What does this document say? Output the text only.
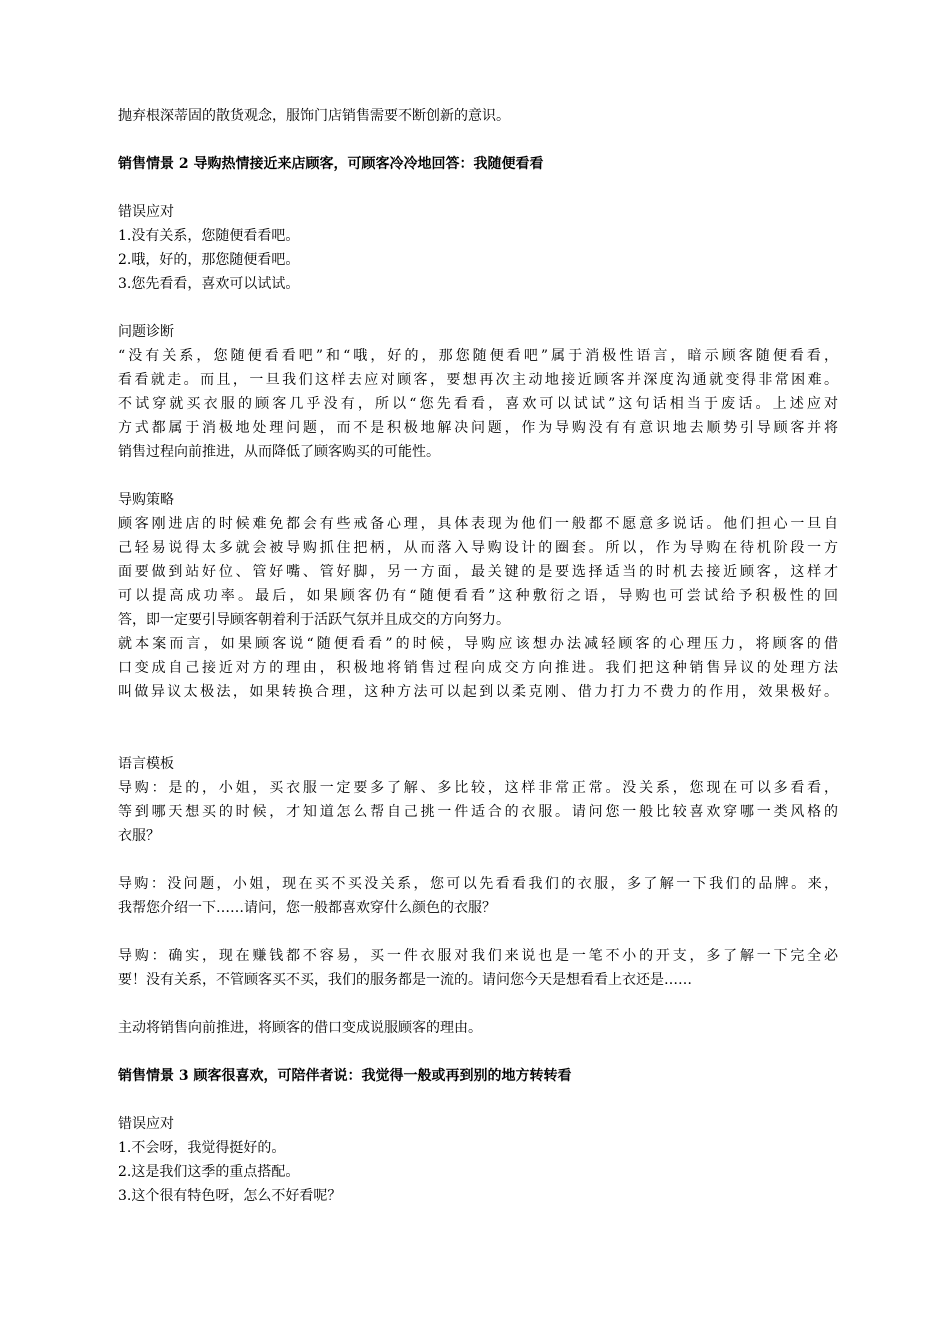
抛弃根深蒂固的散货观念，服饰门店销售需要不断创新的意识。
销售情景 2 导购热情接近来店顾客，可顾客冷冷地回答：我随便看看
错误应对
1.没有关系，您随便看看吧。
2.哦，好的，那您随便看吧。
3.您先看看，喜欢可以试试。
问题诊断
“没有关系，您随便看看吧”和“哦，好的，那您随便看吧”属于消极性语言，暗示顾客随便看看，
看看就走。而且，一旦我们这样去应对顾客，要想再次主动地接近顾客并深度沟通就变得非常困难。
不试穿就买衣服的顾客几乎没有，所以“您先看看，喜欢可以试试”这句话相当于废话。上述应对
方式都属于消极地处理问题，而不是积极地解决问题，作为导购没有有意识地去顺势引导顾客并将
销售过程向前推进，从而降低了顾客购买的可能性。
导购策略
顾客刚进店的时候难免都会有些戒备心理，具体表现为他们一般都不愿意多说话。他们担心一旦自
己轻易说得太多就会被导购抓住把柄，从而落入导购设计的圈套。所以，作为导购在待机阶段一方
面要做到站好位、管好嘴、管好脚，另一方面，最关键的是要选择适当的时机去接近顾客，这样才
可以提高成功率。最后，如果顾客仍有“随便看看”这种敷衍之语，导购也可尝试给予积极性的回
答，即一定要引导顾客朝着利于活跃气氛并且成交的方向努力。
就本案而言，如果顾客说“随便看看”的时候，导购应该想办法减轻顾客的心理压力，将顾客的借
口变成自己接近对方的理由，积极地将销售过程向成交方向推进。我们把这种销售异议的处理方法
叫做异议太极法，如果转换合理，这种方法可以起到以柔克刚、借力打力不费力的作用，效果极好。
语言模板
导购：是的，小姐，买衣服一定要多了解、多比较，这样非常正常。没关系，您现在可以多看看，
等到哪天想买的时候，才知道怎么帮自己挑一件适合的衣服。请问您一般比较喜欢穿哪一类风格的
衣服？
导购：没问题，小姐，现在买不买没关系，您可以先看看我们的衣服，多了解一下我们的品牌。来，
我帮您介绍一下……请问，您一般都喜欢穿什么颜色的衣服？
导购：确实，现在赚钱都不容易，买一件衣服对我们来说也是一笔不小的开支，多了解一下完全必
要！没有关系，不管顾客买不买，我们的服务都是一流的。请问您今天是想看看上衣还是……
主动将销售向前推进，将顾客的借口变成说服顾客的理由。
销售情景 3 顾客很喜欢，可陪伴者说：我觉得一般或再到别的地方转转看
错误应对
1.不会呀，我觉得挺好的。
2.这是我们这季的重点搭配。
3.这个很有特色呀，怎么不好看呢？
